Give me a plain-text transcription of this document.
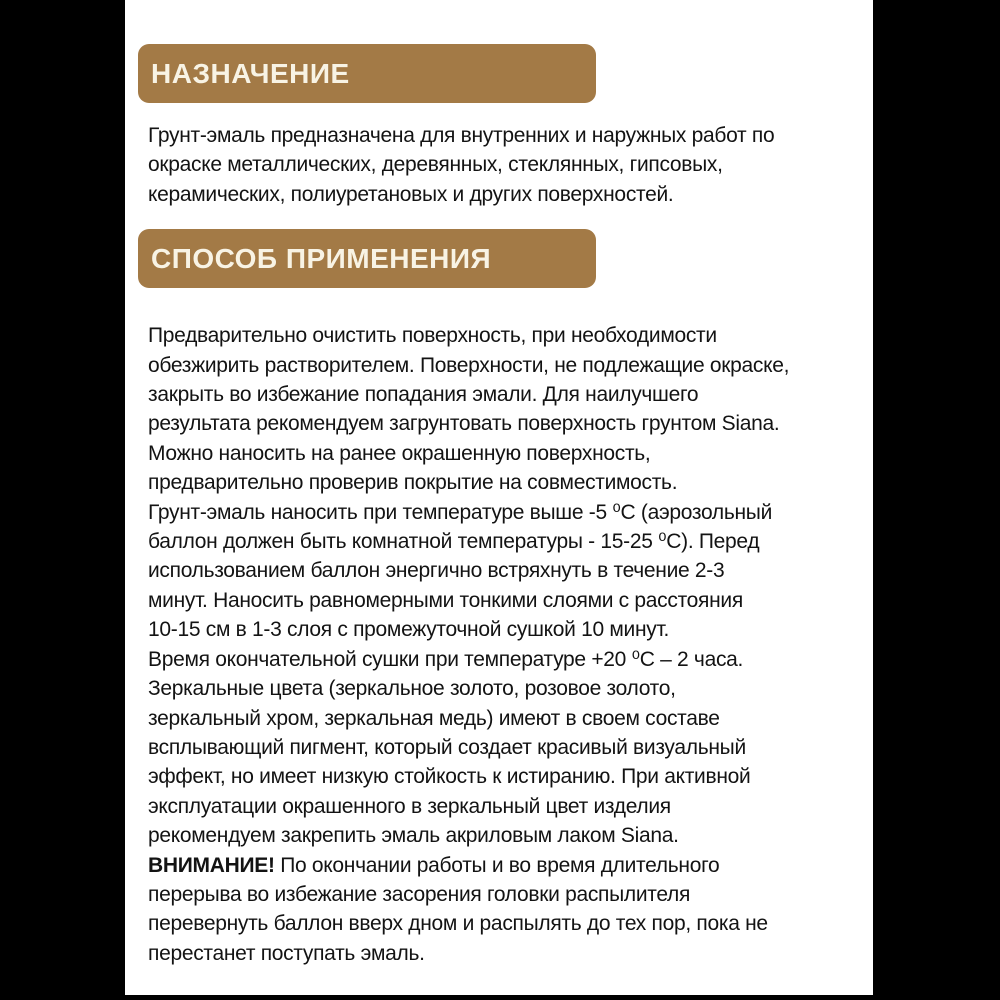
НАЗНАЧЕНИЕ
Грунт-эмаль предназначена для внутренних и наружных работ по
окраске металлических, деревянных, стеклянных, гипсовых,
керамических, полиуретановых и других поверхностей.
СПОСОБ ПРИМЕНЕНИЯ
Предварительно очистить поверхность, при необходимости
обезжирить растворителем. Поверхности, не подлежащие окраске,
закрыть во избежание попадания эмали. Для наилучшего
результата рекомендуем загрунтовать поверхность грунтом Siana.
Можно наносить на ранее окрашенную поверхность,
предварительно проверив покрытие на совместимость.
Грунт-эмаль наносить при температуре выше -5 ⁰С (аэрозольный
баллон должен быть комнатной температуры - 15-25 ⁰С). Перед
использованием баллон энергично встряхнуть в течение 2-3
минут. Наносить равномерными тонкими слоями с расстояния
10-15 см в 1-3 слоя с промежуточной сушкой 10 минут.
Время окончательной сушки при температуре +20 ⁰С – 2 часа.
Зеркальные цвета (зеркальное золото, розовое золото,
зеркальный хром, зеркальная медь) имеют в своем составе
всплывающий пигмент, который создает красивый визуальный
эффект, но имеет низкую стойкость к истиранию. При активной
эксплуатации окрашенного в зеркальный цвет изделия
рекомендуем закрепить эмаль акриловым лаком Siana.
ВНИМАНИЕ! По окончании работы и во время длительного
перерыва во избежание засорения головки распылителя
перевернуть баллон вверх дном и распылять до тех пор, пока не
перестанет поступать эмаль.
